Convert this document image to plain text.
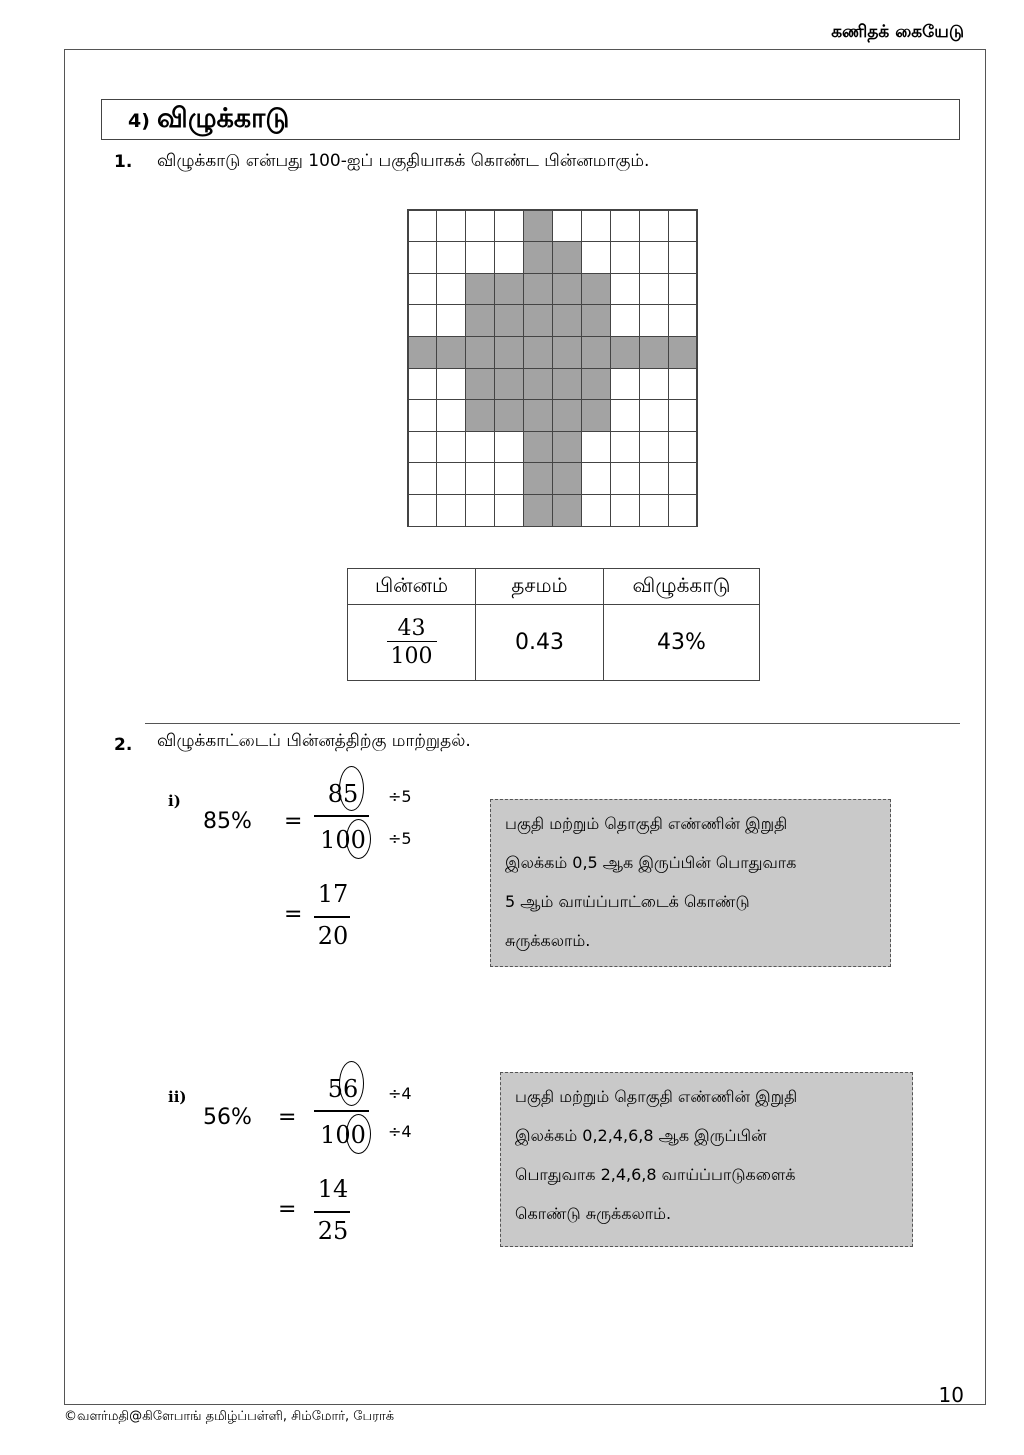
கணிதக் கையேடு
4) விழுக்காடு
1. விழுக்காடு என்பது 100-ஐப் பகுதியாகக் கொண்ட பின்னமாகும்.
பின்னம்	தசமம்	விழுக்காடு

$\frac{43}{100}$	0.43	43%
2. விழுக்காட்டைப் பின்னத்திற்கு மாற்றுதல்.
i)
85% =
85
100
÷5
÷5
=
17
20
பகுதி மற்றும் தொகுதி எண்ணின் இறுதி
இலக்கம் 0,5 ஆக இருப்பின் பொதுவாக
5 ஆம் வாய்ப்பாட்டைக் கொண்டு
சுருக்கலாம்.
ii)
56% =
56
100
÷4
÷4
=
14
25
பகுதி மற்றும் தொகுதி எண்ணின் இறுதி
இலக்கம் 0,2,4,6,8 ஆக இருப்பின்
பொதுவாக 2,4,6,8 வாய்ப்பாடுகளைக்
கொண்டு சுருக்கலாம்.
10
©வளர்மதி@கிளேபாங் தமிழ்ப்பள்ளி, சிம்மோர், பேராக்
